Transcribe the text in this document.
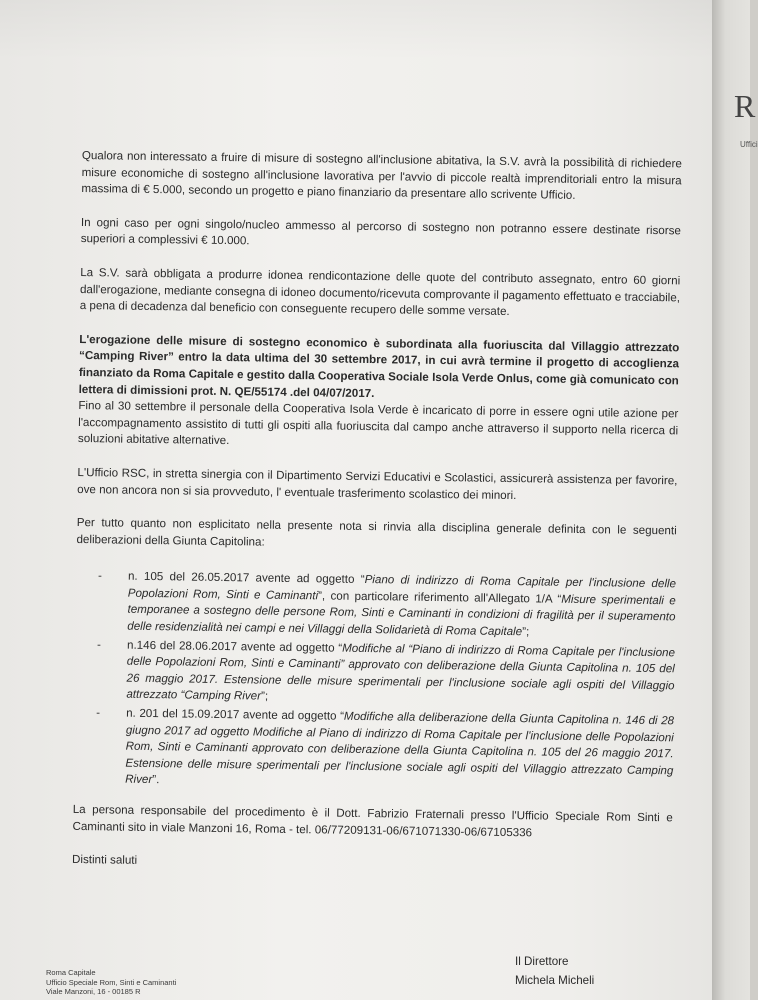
Qualora non interessato a fruire di misure di sostegno all'inclusione abitativa, la S.V. avrà la possibilità di richiedere misure economiche di sostegno all'inclusione lavorativa per l'avvio di piccole realtà imprenditoriali entro la misura massima di € 5.000, secondo un progetto e piano finanziario da presentare allo scrivente Ufficio.

In ogni caso per ogni singolo/nucleo ammesso al percorso di sostegno non potranno essere destinate risorse superiori a complessivi € 10.000.

La S.V. sarà obbligata a produrre idonea rendicontazione delle quote del contributo assegnato, entro 60 giorni dall'erogazione, mediante consegna di idoneo documento/ricevuta comprovante il pagamento effettuato e tracciabile, a pena di decadenza dal beneficio con conseguente recupero delle somme versate.

L'erogazione delle misure di sostegno economico è subordinata alla fuoriuscita dal Villaggio attrezzato “Camping River” entro la data ultima del 30 settembre 2017, in cui avrà termine il progetto di accoglienza finanziato da Roma Capitale e gestito dalla Cooperativa Sociale Isola Verde Onlus, come già comunicato con lettera di dimissioni prot. N. QE/55174 .del 04/07/2017.

Fino al 30 settembre il personale della Cooperativa Isola Verde è incaricato di porre in essere ogni utile azione per l'accompagnamento assistito di tutti gli ospiti alla fuoriuscita dal campo anche attraverso il supporto nella ricerca di soluzioni abitative alternative.

L'Ufficio RSC, in stretta sinergia con il Dipartimento Servizi Educativi e Scolastici, assicurerà assistenza per favorire, ove non ancora non si sia provveduto, l' eventuale trasferimento scolastico dei minori.

Per tutto quanto non esplicitato nella presente nota si rinvia alla disciplina generale definita con le seguenti deliberazioni della Giunta Capitolina:

- n. 105 del 26.05.2017 avente ad oggetto “Piano di indirizzo di Roma Capitale per l'inclusione delle Popolazioni Rom, Sinti e Caminanti”, con particolare riferimento all'Allegato 1/A “Misure sperimentali e temporanee a sostegno delle persone Rom, Sinti e Caminanti in condizioni di fragilità per il superamento delle residenzialità nei campi e nei Villaggi della Solidarietà di Roma Capitale”;
- n.146 del 28.06.2017 avente ad oggetto “Modifiche al “Piano di indirizzo di Roma Capitale per l'inclusione delle Popolazioni Rom, Sinti e Caminanti” approvato con deliberazione della Giunta Capitolina n. 105 del 26 maggio 2017. Estensione delle misure sperimentali per l'inclusione sociale agli ospiti del Villaggio attrezzato “Camping River”;
- n. 201 del 15.09.2017 avente ad oggetto “Modifiche alla deliberazione della Giunta Capitolina n. 146 di 28 giugno 2017 ad oggetto Modifiche al Piano di indirizzo di Roma Capitale per l'inclusione delle Popolazioni Rom, Sinti e Caminanti approvato con deliberazione della Giunta Capitolina n. 105 del 26 maggio 2017. Estensione delle misure sperimentali per l'inclusione sociale agli ospiti del Villaggio attrezzato Camping River”.

La persona responsabile del procedimento è il Dott. Fabrizio Fraternali presso l'Ufficio Speciale Rom Sinti e Caminanti sito in viale Manzoni 16, Roma - tel. 06/77209131-06/671071330-06/67105336

Distinti saluti

Il Direttore
Michela Micheli
Roma Capitale
Ufficio Speciale Rom, Sinti e Caminanti
Viale Manzoni, 16 - 00185 R
R
Uffici
